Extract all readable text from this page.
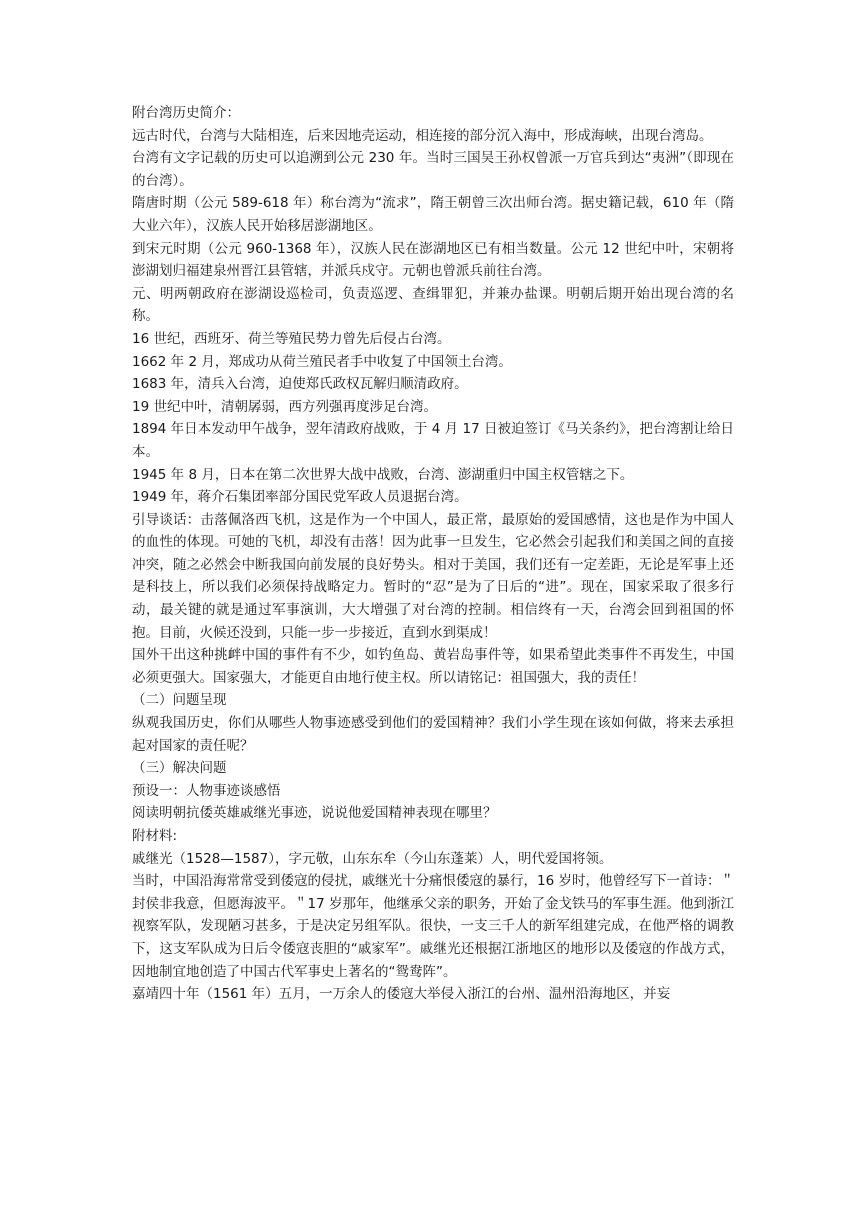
附台湾历史简介：

远古时代，台湾与大陆相连，后来因地壳运动，相连接的部分沉入海中，形成海峡，出现台湾岛。

台湾有文字记载的历史可以追溯到公元 230 年。当时三国吴王孙权曾派一万官兵到达“夷洲”（即现在的台湾）。

隋唐时期（公元 589-618 年）称台湾为“流求”，隋王朝曾三次出师台湾。据史籍记载，610 年（隋大业六年），汉族人民开始移居澎湖地区。

到宋元时期（公元 960-1368 年），汉族人民在澎湖地区已有相当数量。公元 12 世纪中叶，宋朝将澎湖划归福建泉州晋江县管辖，并派兵戍守。元朝也曾派兵前往台湾。

元、明两朝政府在澎湖设巡检司，负责巡逻、查缉罪犯，并兼办盐课。明朝后期开始出现台湾的名称。

16 世纪，西班牙、荷兰等殖民势力曾先后侵占台湾。

1662 年 2 月，郑成功从荷兰殖民者手中收复了中国领土台湾。

1683 年，清兵入台湾，迫使郑氏政权瓦解归顺清政府。

19 世纪中叶，清朝孱弱，西方列强再度涉足台湾。

1894 年日本发动甲午战争，翌年清政府战败，于 4 月 17 日被迫签订《马关条约》，把台湾割让给日本。

1945 年 8 月，日本在第二次世界大战中战败，台湾、澎湖重归中国主权管辖之下。

1949 年，蒋介石集团率部分国民党军政人员退据台湾。

引导谈话：击落佩洛西飞机，这是作为一个中国人，最正常，最原始的爱国感情，这也是作为中国人的血性的体现。可她的飞机，却没有击落！因为此事一旦发生，它必然会引起我们和美国之间的直接冲突，随之必然会中断我国向前发展的良好势头。相对于美国，我们还有一定差距，无论是军事上还是科技上，所以我们必须保持战略定力。暂时的“忍”是为了日后的“进”。现在，国家采取了很多行动，最关键的就是通过军事演训，大大增强了对台湾的控制。相信终有一天，台湾会回到祖国的怀抱。目前，火候还没到，只能一步一步接近，直到水到渠成！

国外干出这种挑衅中国的事件有不少，如钓鱼岛、黄岩岛事件等，如果希望此类事件不再发生，中国必须更强大。国家强大，才能更自由地行使主权。所以请铭记：祖国强大，我的责任！

（二）问题呈现

纵观我国历史，你们从哪些人物事迹感受到他们的爱国精神？我们小学生现在该如何做，将来去承担起对国家的责任呢？

（三）解决问题

预设一：人物事迹谈感悟

阅读明朝抗倭英雄戚继光事迹，说说他爱国精神表现在哪里？

附材料:

戚继光（1528—1587），字元敬，山东东牟（今山东蓬莱）人，明代爱国将领。

当时，中国沿海常常受到倭寇的侵扰，戚继光十分痛恨倭寇的暴行，16 岁时，他曾经写下一首诗：＂封侯非我意，但愿海波平。＂17 岁那年，他继承父亲的职务，开始了金戈铁马的军事生涯。他到浙江视察军队，发现陋习甚多，于是决定另组军队。很快，一支三千人的新军组建完成，在他严格的调教下，这支军队成为日后令倭寇丧胆的“戚家军”。戚继光还根据江浙地区的地形以及倭寇的作战方式，因地制宜地创造了中国古代军事史上著名的“鸳鸯阵”。

嘉靖四十年（1561 年）五月，一万余人的倭寇大举侵入浙江的台州、温州沿海地区，并妄
